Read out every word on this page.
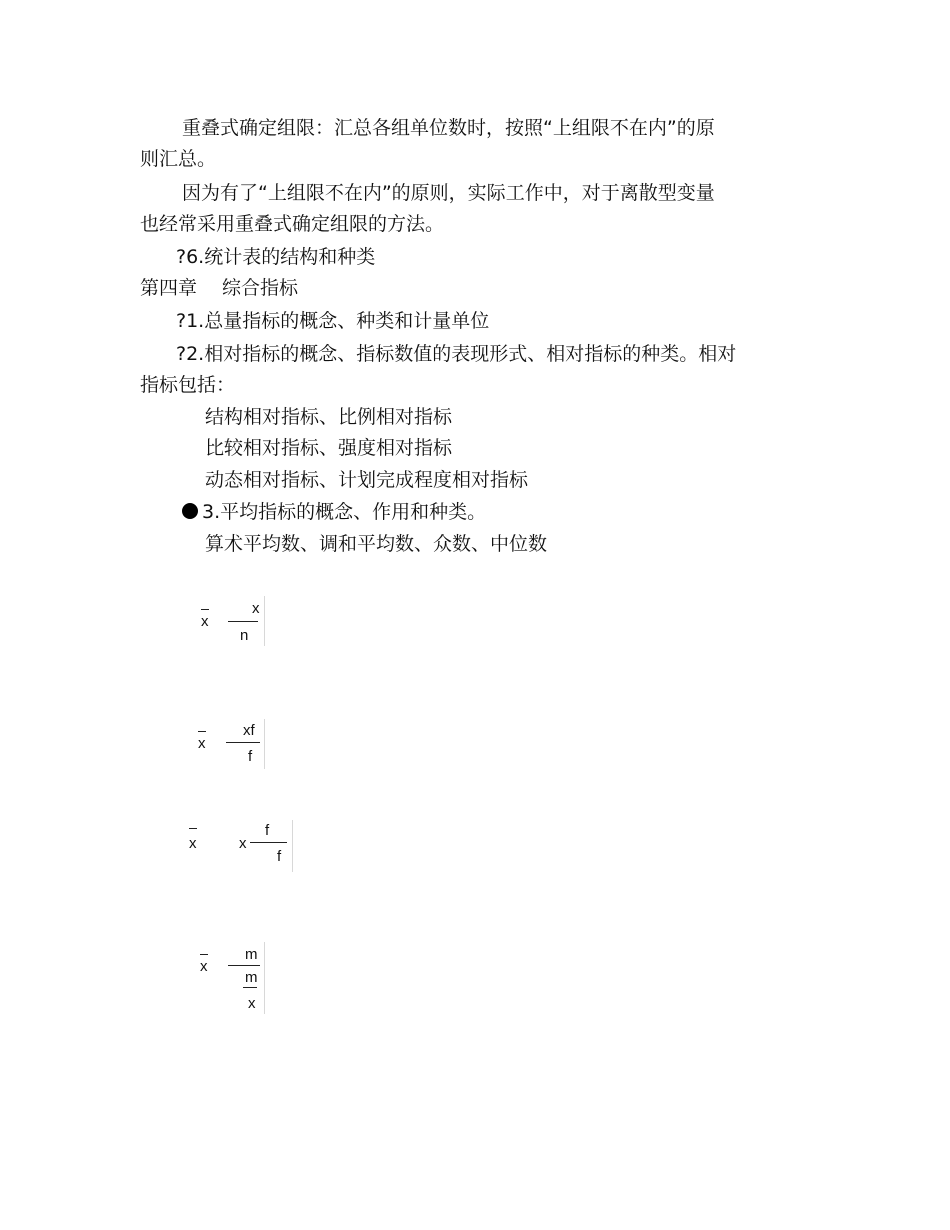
重叠式确定组限：汇总各组单位数时，按照“上组限不在内”的原
则汇总。
因为有了“上组限不在内”的原则，实际工作中，对于离散型变量
也经常采用重叠式确定组限的方法。
?6.统计表的结构和种类
第四章　 综合指标
?1.总量指标的概念、种类和计量单位
?2.相对指标的概念、指标数值的表现形式、相对指标的种类。相对
指标包括：
结构相对指标、比例相对指标
比较相对指标、强度相对指标
动态相对指标、计划完成程度相对指标
3.平均指标的概念、作用和种类。
算术平均数、调和平均数、众数、中位数
x
x
n
x
xf
f
x	x
f
f
x
m
m
x
